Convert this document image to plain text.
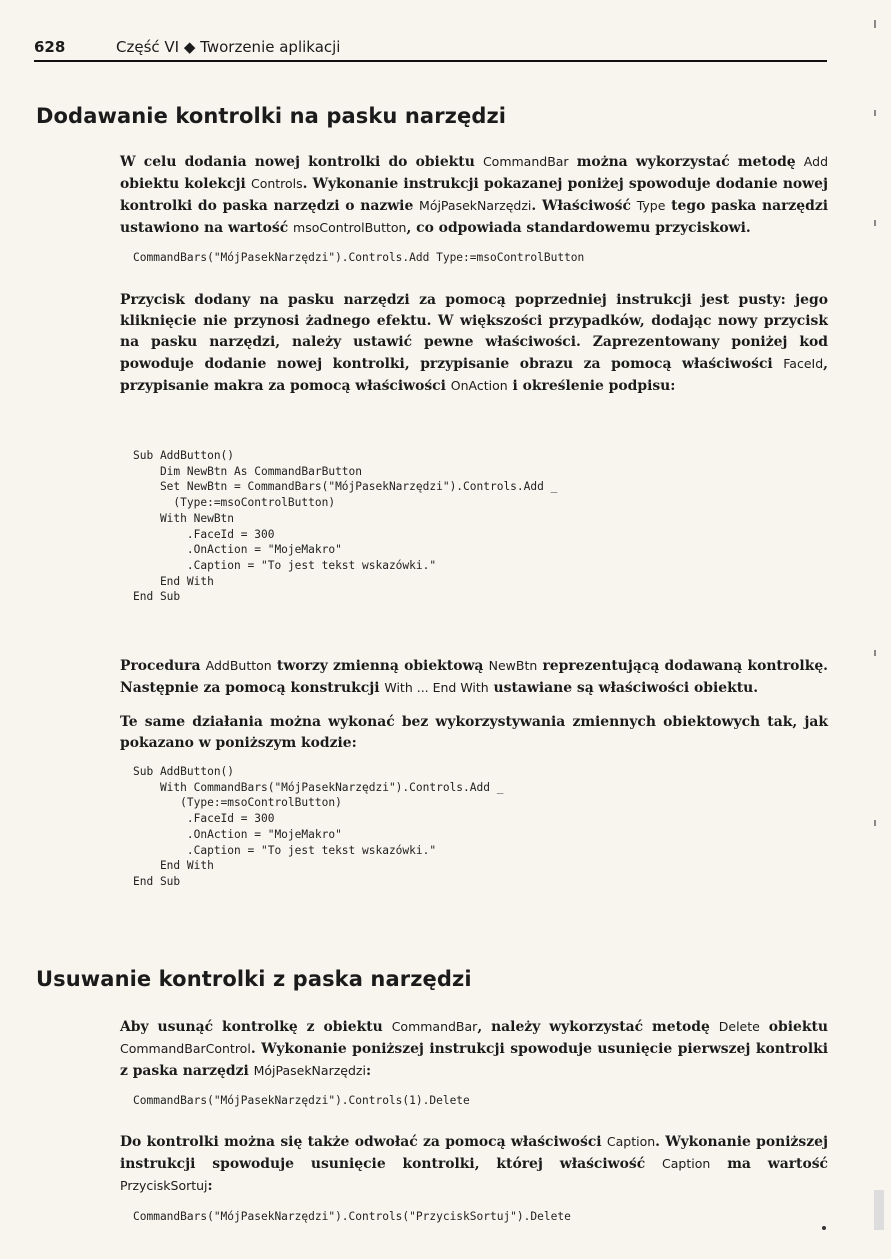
628	Część VI ◆ Tworzenie aplikacji
Dodawanie kontrolki na pasku narzędzi

W celu dodania nowej kontrolki do obiektu CommandBar można wykorzystać metodę Add obiektu kolekcji Controls. Wykonanie instrukcji pokazanej poniżej spowoduje dodanie nowej kontrolki do paska narzędzi o nazwie MójPasekNarzędzi. Właściwość Type tego paska narzędzi ustawiono na wartość msoControlButton, co odpowiada standardowemu przyciskowi.

CommandBars("MójPasekNarzędzi").Controls.Add Type:=msoControlButton

Przycisk dodany na pasku narzędzi za pomocą poprzedniej instrukcji jest pusty: jego kliknięcie nie przynosi żadnego efektu. W większości przypadków, dodając nowy przycisk na pasku narzędzi, należy ustawić pewne właściwości. Zaprezentowany poniżej kod powoduje dodanie nowej kontrolki, przypisanie obrazu za pomocą właściwości FaceId, przypisanie makra za pomocą właściwości OnAction i określenie podpisu:

Sub AddButton()
Dim NewBtn As CommandBarButton
Set NewBtn = CommandBars("MójPasekNarzędzi").Controls.Add _
(Type:=msoControlButton)
With NewBtn
.FaceId = 300
.OnAction = "MojeMakro"
.Caption = "To jest tekst wskazówki."
End With
End Sub

Procedura AddButton tworzy zmienną obiektową NewBtn reprezentującą dodawaną kontrolkę. Następnie za pomocą konstrukcji With ... End With ustawiane są właściwości obiektu.

Te same działania można wykonać bez wykorzystywania zmiennych obiektowych tak, jak pokazano w poniższym kodzie:

Sub AddButton()
With CommandBars("MójPasekNarzędzi").Controls.Add _
(Type:=msoControlButton)
.FaceId = 300
.OnAction = "MojeMakro"
.Caption = "To jest tekst wskazówki."
End With
End Sub
Usuwanie kontrolki z paska narzędzi

Aby usunąć kontrolkę z obiektu CommandBar, należy wykorzystać metodę Delete obiektu CommandBarControl. Wykonanie poniższej instrukcji spowoduje usunięcie pierwszej kontrolki z paska narzędzi MójPasekNarzędzi:

CommandBars("MójPasekNarzędzi").Controls(1).Delete

Do kontrolki można się także odwołać za pomocą właściwości Caption. Wykonanie poniższej instrukcji spowoduje usunięcie kontrolki, której właściwość Caption ma wartość PrzyciskSortuj:

CommandBars("MójPasekNarzędzi").Controls("PrzyciskSortuj").Delete
